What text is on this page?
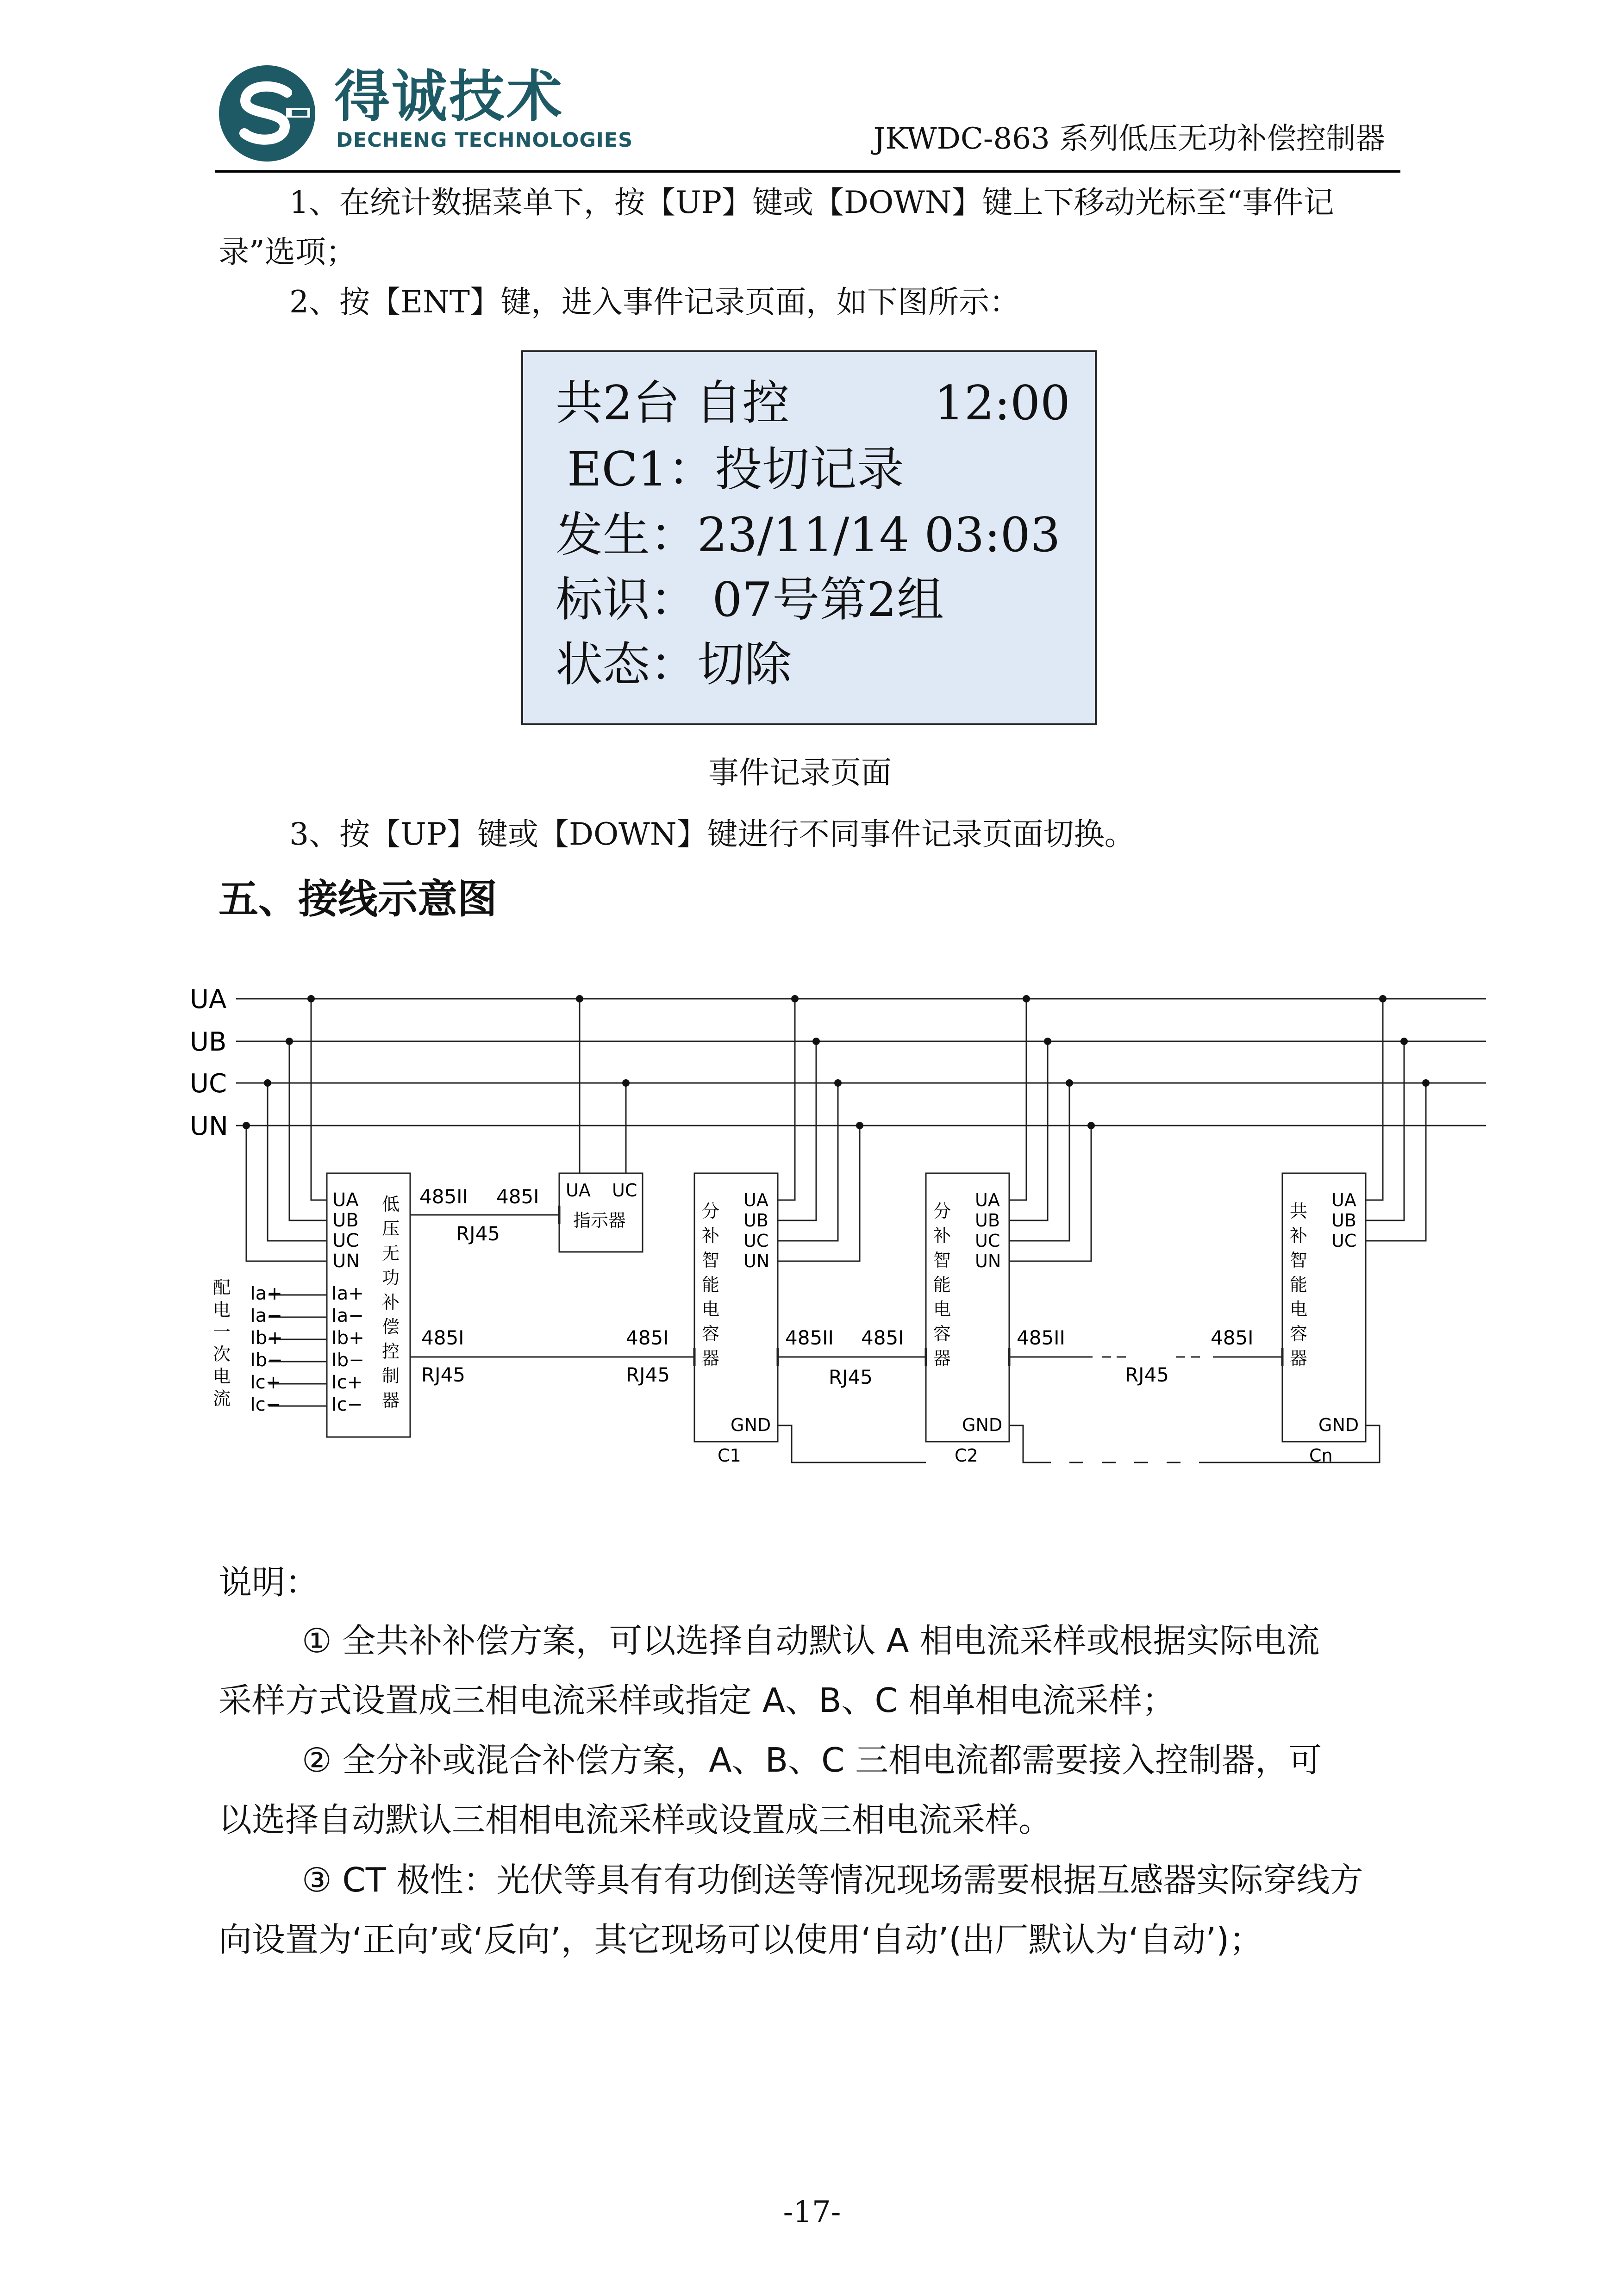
得诚技术
DECHENG TECHNOLOGIES	JKWDC-863 系列低压无功补偿控制器
1、在统计数据菜单下，按【UP】键或【DOWN】键上下移动光标至“事件记
录”选项；
2、按【ENT】键，进入事件记录页面，如下图所示：
共2台 自控	12:00
EC1：投切记录
发生：23/11/14 03:03
标识： 07号第2组
状态：切除
事件记录页面
3、按【UP】键或【DOWN】键进行不同事件记录页面切换。
五、接线示意图
UA
UB
UC
UN
配
电
一
次
电
流
Ia+
Ia−
Ib+
Ib−
Ic+
Ic−
Ia+
Ia−
Ib+
Ib−
Ic+
Ic−
UA
UB
UC
UN
低
压
无
功
补
偿
控
制
器
485II 485I
RJ45
485I
RJ45
485I
RJ45
485II 485I
RJ45
485II	485I
RJ45
UA UC
指示器	分
补
智
能
电
容
器
UA
UB
UC
UN
GND
C1
分
补
智
能
电
容
器
UA
UB
UC
UN
GND
C2
共
补
智
能
电
容
器
UA
UB
UC
GND
Cn
说明：
① 全共补补偿方案，可以选择自动默认 A 相电流采样或根据实际电流
采样方式设置成三相电流采样或指定 A、B、C 相单相电流采样；
② 全分补或混合补偿方案，A、B、C 三相电流都需要接入控制器，可
以选择自动默认三相相电流采样或设置成三相电流采样。
③ CT 极性：光伏等具有有功倒送等情况现场需要根据互感器实际穿线方
向设置为‘正向’或‘反向’，其它现场可以使用‘自动’(出厂默认为‘自动’)；
-17-
